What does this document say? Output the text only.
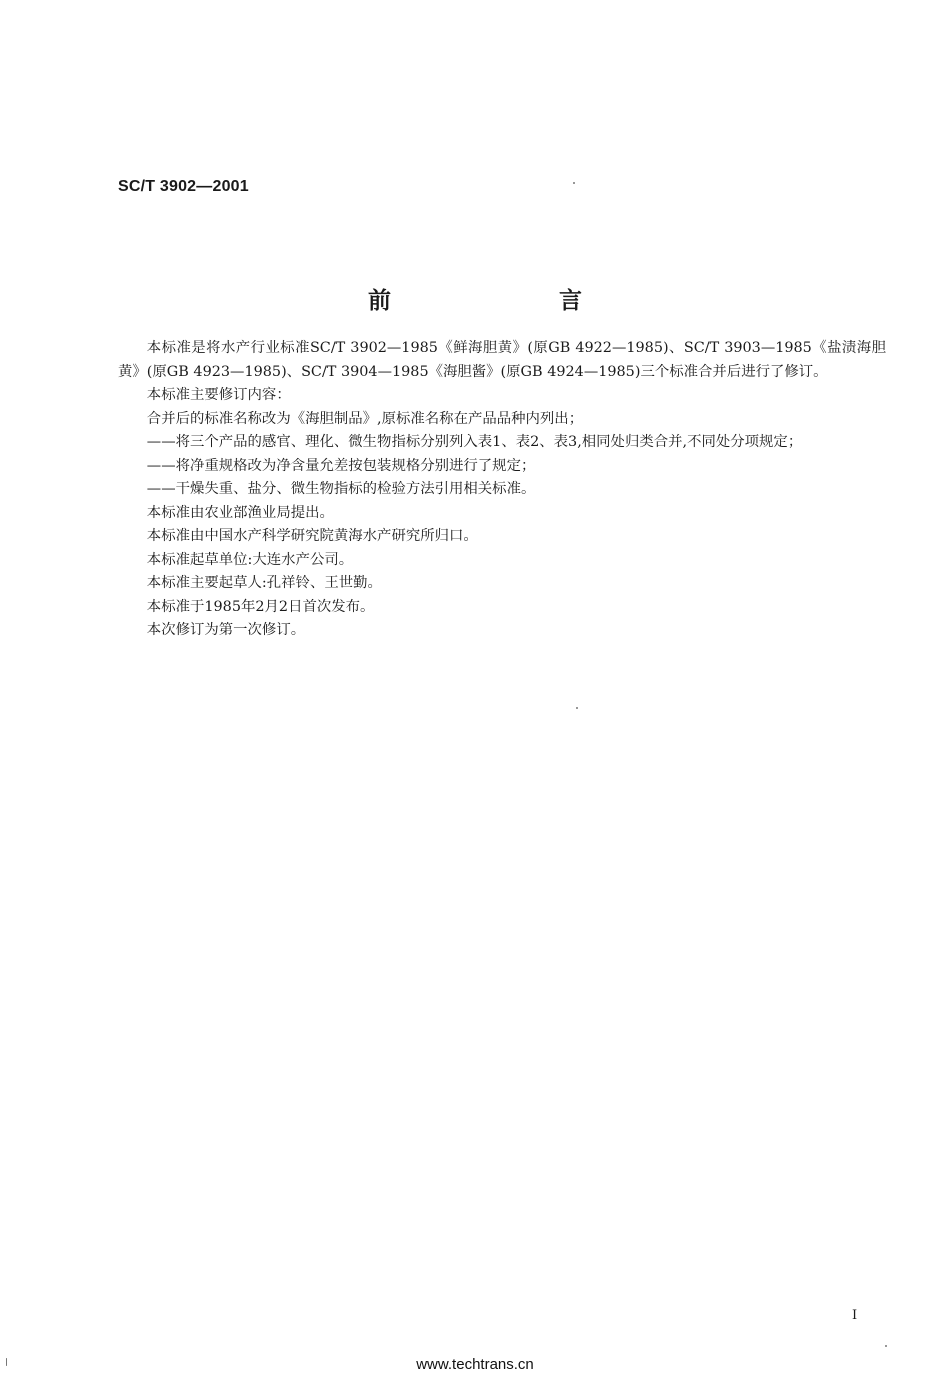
SC/T 3902—2001
前 言

本标准是将水产行业标准SC/T 3902—1985《鲜海胆黄》(原GB 4922—1985)、SC/T 3903—1985《盐渍海胆黄》(原GB 4923—1985)、SC/T 3904—1985《海胆酱》(原GB 4924—1985)三个标准合并后进行了修订。

本标准主要修订内容：

合并后的标准名称改为《海胆制品》,原标准名称在产品品种内列出；

——将三个产品的感官、理化、微生物指标分别列入表1、表2、表3,相同处归类合并,不同处分项规定；

——将净重规格改为净含量允差按包装规格分别进行了规定；

——干燥失重、盐分、微生物指标的检验方法引用相关标准。

本标准由农业部渔业局提出。

本标准由中国水产科学研究院黄海水产研究所归口。

本标准起草单位:大连水产公司。

本标准主要起草人:孔祥铃、王世勤。

本标准于1985年2月2日首次发布。

本次修订为第一次修订。

I
www.techtrans.cn
